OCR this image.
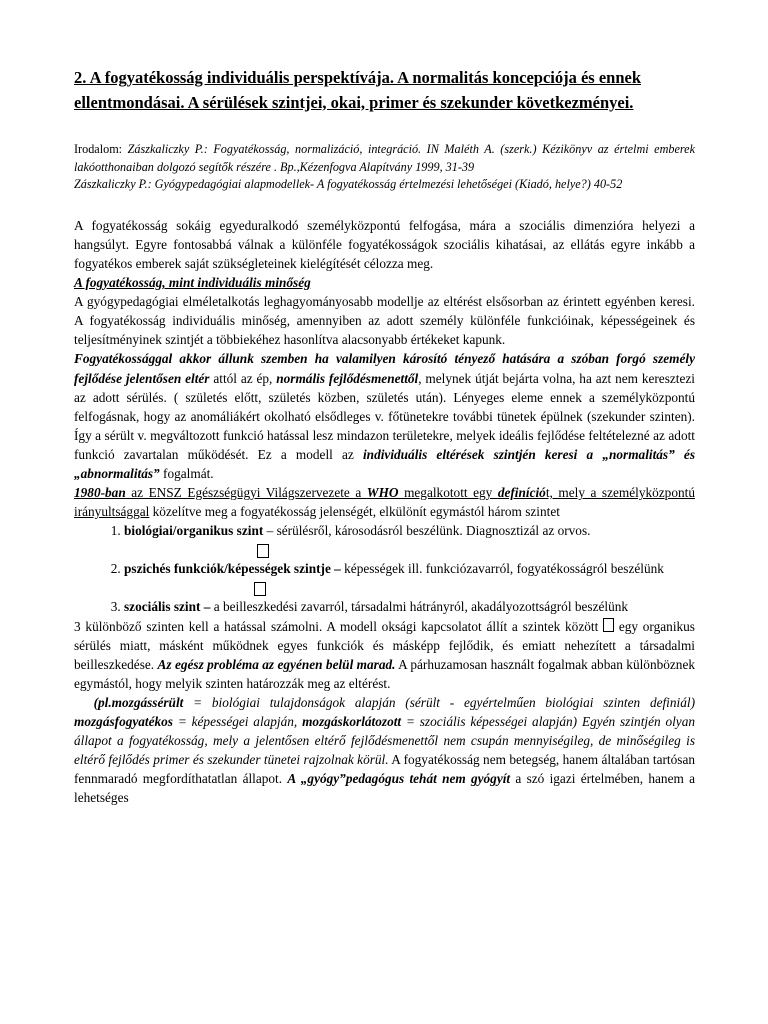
2. A fogyatékosság individuális perspektívája. A normalitás koncepciója és ennek ellentmondásai. A sérülések szintjei, okai, primer és szekunder következményei.
Irodalom: Zászkaliczky P.: Fogyatékosság, normalizáció, integráció. IN Maléth A. (szerk.) Kézikönyv az értelmi emberek lakóotthonaiban dolgozó segítők részére . Bp.,Kézenfogva Alapítvány 1999, 31-39
Zászkaliczky P.: Gyógypedagógiai alapmodellek- A fogyatékosság értelmezési lehetőségei (Kiadó, helye?) 40-52

A fogyatékosság sokáig egyeduralkodó személyközpontú felfogása, mára a szociális dimenzióra helyezi a hangsúlyt. Egyre fontosabbá válnak a különféle fogyatékosságok szociális kihatásai, az ellátás egyre inkább a fogyatékos emberek saját szükségleteinek kielégítését célozza meg.

A fogyatékosság, mint individuális minőség

A gyógypedagógiai elméletalkotás leghagyományosabb modellje az eltérést elsősorban az érintett egyénben keresi. A fogyatékosság individuális minőség, amennyiben az adott személy különféle funkcióinak, képességeinek és teljesítményinek szintjét a többiekéhez hasonlítva alacsonyabb értékeket kapunk.

Fogyatékossággal akkor állunk szemben ha valamilyen károsító tényező hatására a szóban forgó személy fejlődése jelentősen eltér attól az ép, normális fejlődésmenettől, melynek útját bejárta volna, ha azt nem keresztezi az adott sérülés. ( születés előtt, születés közben, születés után). Lényeges eleme ennek a személyközpontú felfogásnak, hogy az anomáliákért okolható elsődleges v. főtünetekre további tünetek épülnek (szekunder szinten). Így a sérült v. megváltozott funkció hatással lesz mindazon területekre, melyek ideális fejlődése feltételezné az adott funkció zavartalan működését. Ez a modell az individuális eltérések szintjén keresi a „normalitás” és „abnormalitás” fogalmát.

1980-ban az ENSZ Egészségügyi Világszervezete a WHO megalkotott egy definíciót, mely a személyközpontú irányultsággal közelítve meg a fogyatékosság jelenségét, elkülönít egymástól három szintet

1. biológiai/organikus szint – sérülésről, károsodásról beszélünk. Diagnosztizál az orvos.
2. pszichés funkciók/képességek szintje – képességek ill. funkciózavarról, fogyatékosságról beszélünk
3. szociális szint – a beilleszkedési zavarról, társadalmi hátrányról, akadályozottságról beszélünk

3 különböző szinten kell a hatással számolni. A modell oksági kapcsolatot állít a szintek között  egy organikus sérülés miatt, másként működnek egyes funkciók és másképp fejlődik, és emiatt nehezített a társadalmi beilleszkedése. Az egész probléma az egyénen belül marad. A párhuzamosan használt fogalmak abban különböznek egymástól, hogy melyik szinten határozzák meg az eltérést.

(pl.mozgássérült = biológiai tulajdonságok alapján (sérült - egyértelműen biológiai szinten definiál) mozgásfogyatékos = képességei alapján, mozgáskorlátozott = szociális képességei alapján) Egyén szintjén olyan állapot a fogyatékosság, mely a jelentősen eltérő fejlődésmenettől nem csupán mennyiségileg, de minőségileg is eltérő fejlődés primer és szekunder tünetei rajzolnak körül. A fogyatékosság nem betegség, hanem általában tartósan fennmaradó megfordíthatatlan állapot. A „gyógy”pedagógus tehát nem gyógyít a szó igazi értelmében, hanem a lehetséges
